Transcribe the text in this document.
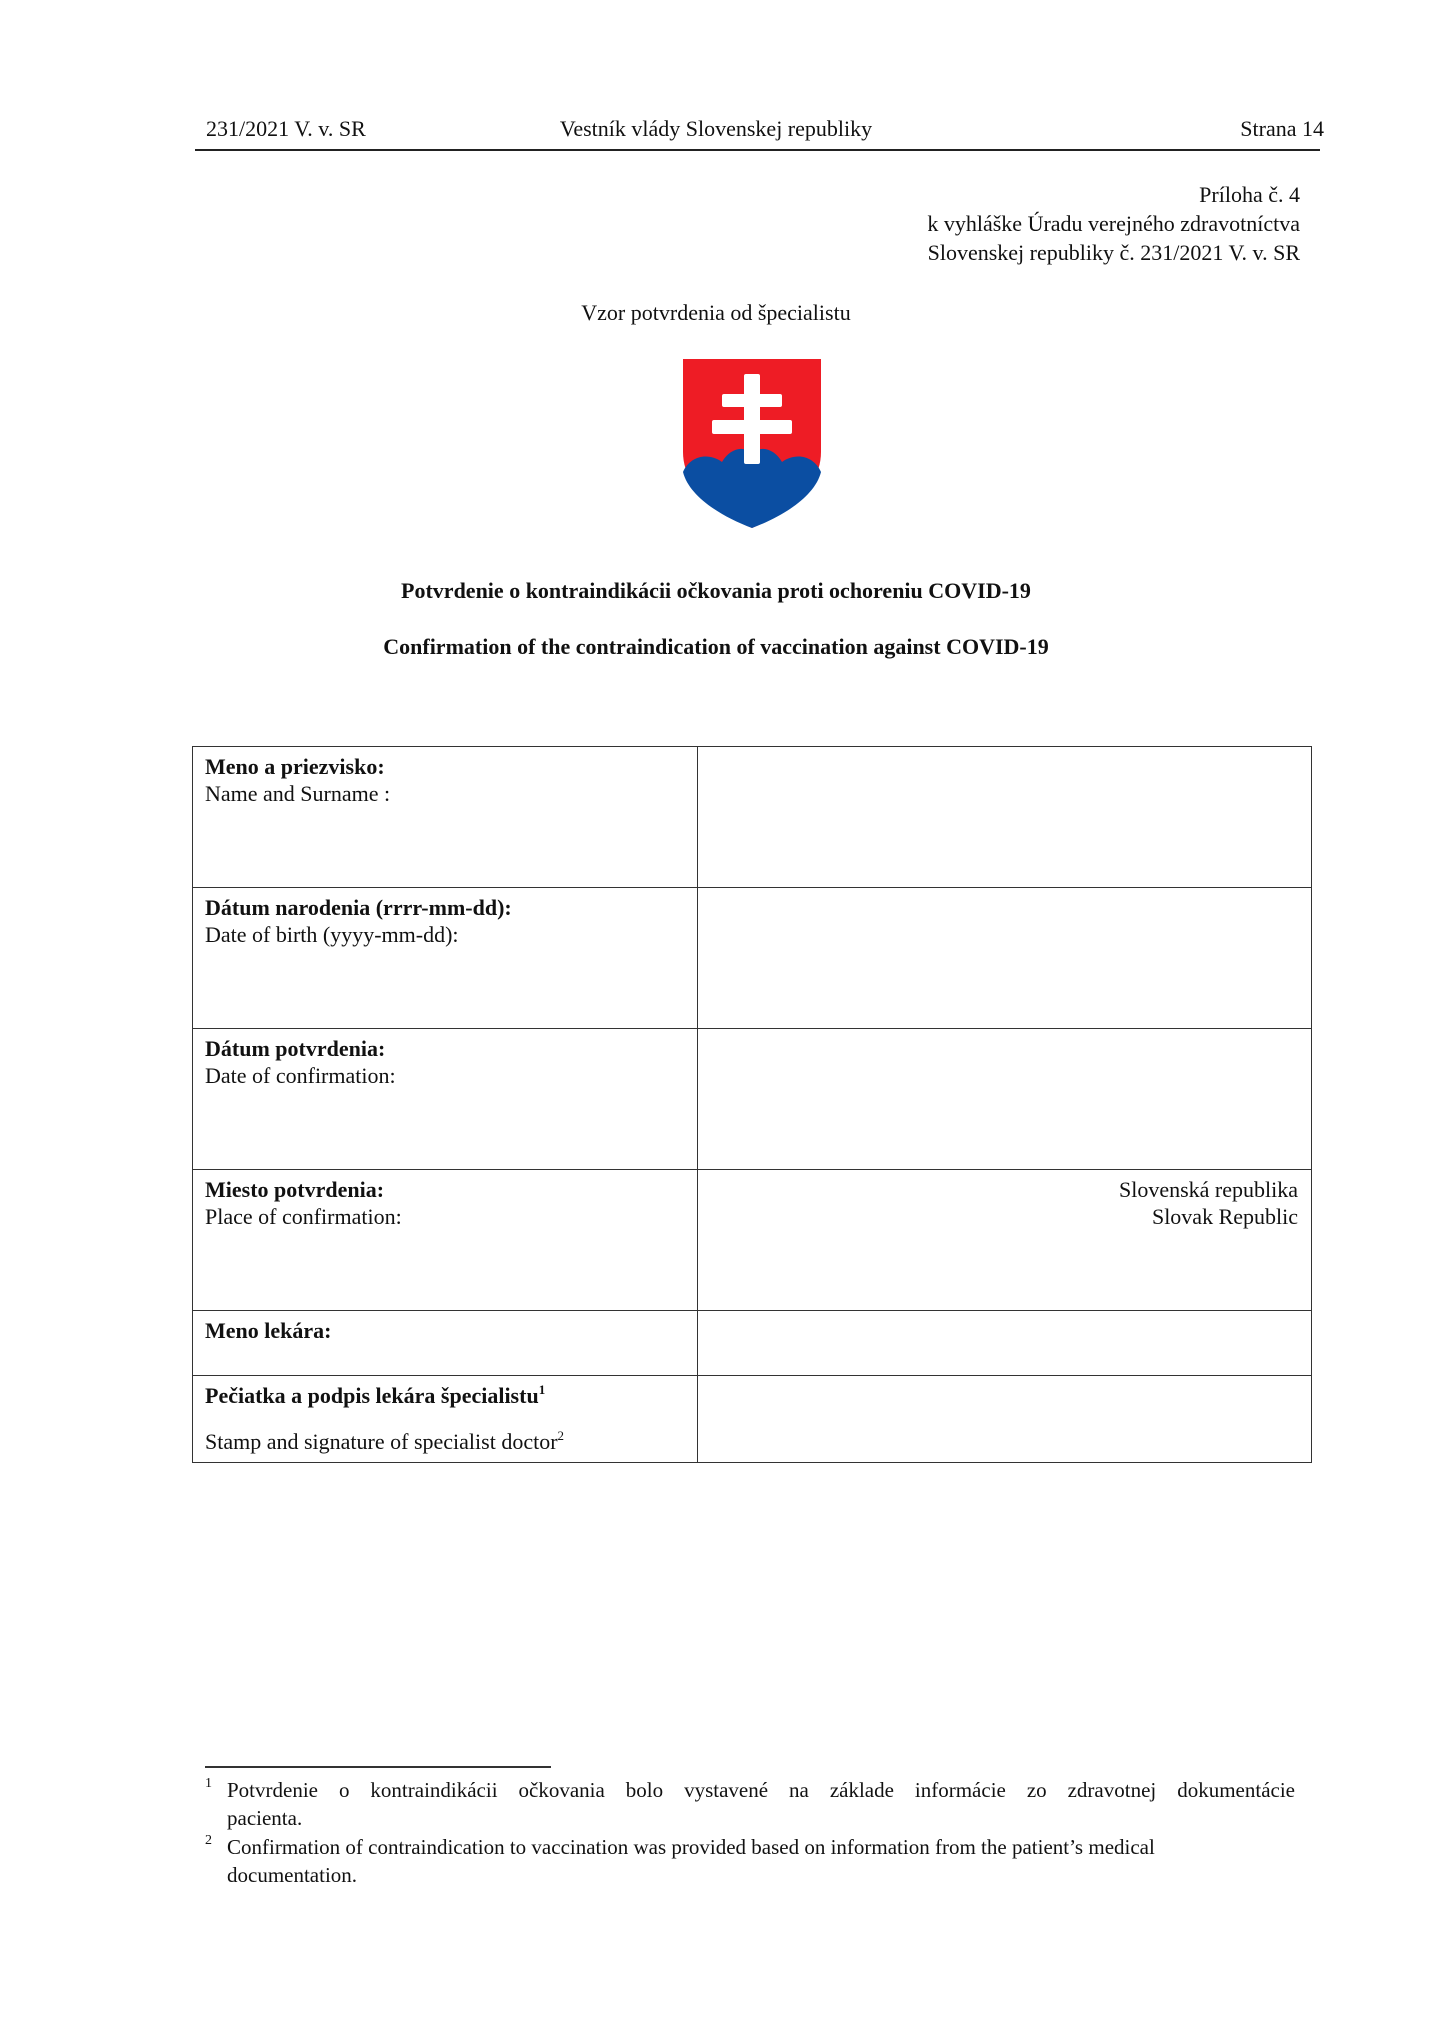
231/2021 V. v. SR	Vestník vlády Slovenskej republiky	Strana 14
Príloha č. 4
k vyhláške Úradu verejného zdravotníctva
Slovenskej republiky č. 231/2021 V. v. SR
Vzor potvrdenia od špecialistu
Potvrdenie o kontraindikácii očkovania proti ochoreniu COVID-19
Confirmation of the contraindication of vaccination against COVID-19
Meno a priezvisko:
Name and Surname :	

Dátum narodenia (rrrr-mm-dd):
Date of birth (yyyy-mm-dd):	

Dátum potvrdenia:
Date of confirmation:	

Miesto potvrdenia:
Place of confirmation:	Slovenská republika
Slovak Republic

Meno lekára:	

Pečiatka a podpis lekára špecialistu$^1$
Stamp and signature of specialist doctor$^2$

1 Potvrdenie o kontraindikácii očkovania bolo vystavené na základe informácie zo zdravotnej dokumentácie
pacienta.
2 Confirmation of contraindication to vaccination was provided based on information from the patient’s medical
documentation.
